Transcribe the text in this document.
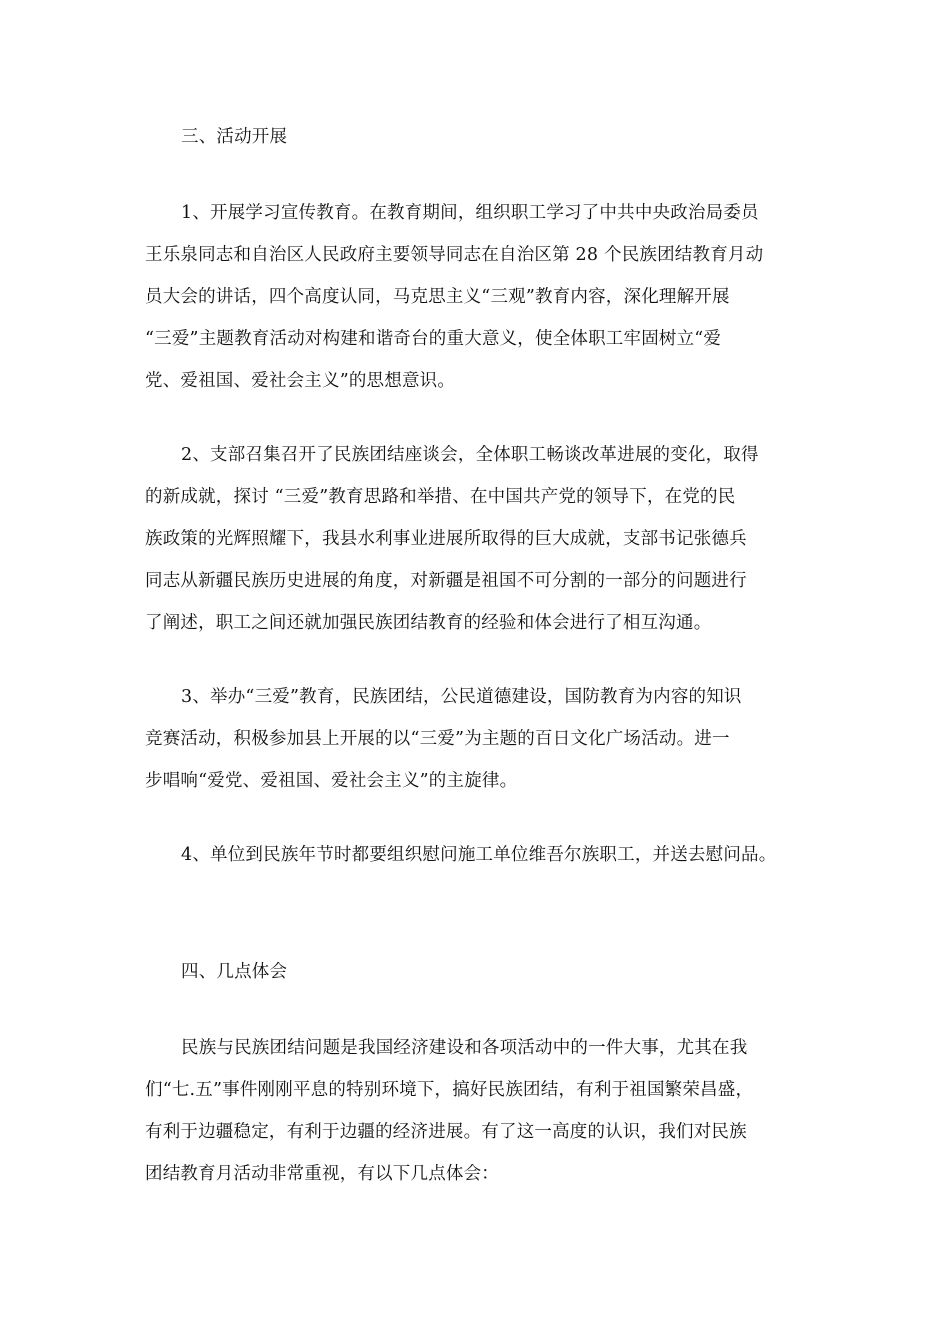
三、活动开展
1、开展学习宣传教育。在教育期间，组织职工学习了中共中央政治局委员
王乐泉同志和自治区人民政府主要领导同志在自治区第 28 个民族团结教育月动
员大会的讲话，四个高度认同，马克思主义“三观”教育内容，深化理解开展
“三爱”主题教育活动对构建和谐奇台的重大意义，使全体职工牢固树立“爱
党、爱祖国、爱社会主义”的思想意识。
2、支部召集召开了民族团结座谈会，全体职工畅谈改革进展的变化，取得
的新成就，探讨 “三爱”教育思路和举措、在中国共产党的领导下，在党的民
族政策的光辉照耀下，我县水利事业进展所取得的巨大成就，支部书记张德兵
同志从新疆民族历史进展的角度，对新疆是祖国不可分割的一部分的问题进行
了阐述，职工之间还就加强民族团结教育的经验和体会进行了相互沟通。
3、举办“三爱”教育，民族团结，公民道德建设，国防教育为内容的知识
竞赛活动，积极参加县上开展的以“三爱”为主题的百日文化广场活动。进一
步唱响“爱党、爱祖国、爱社会主义”的主旋律。
4、单位到民族年节时都要组织慰问施工单位维吾尔族职工，并送去慰问品。
四、几点体会
民族与民族团结问题是我国经济建设和各项活动中的一件大事，尤其在我
们“七.五”事件刚刚平息的特别环境下，搞好民族团结，有利于祖国繁荣昌盛，
有利于边疆稳定，有利于边疆的经济进展。有了这一高度的认识，我们对民族
团结教育月活动非常重视，有以下几点体会：
